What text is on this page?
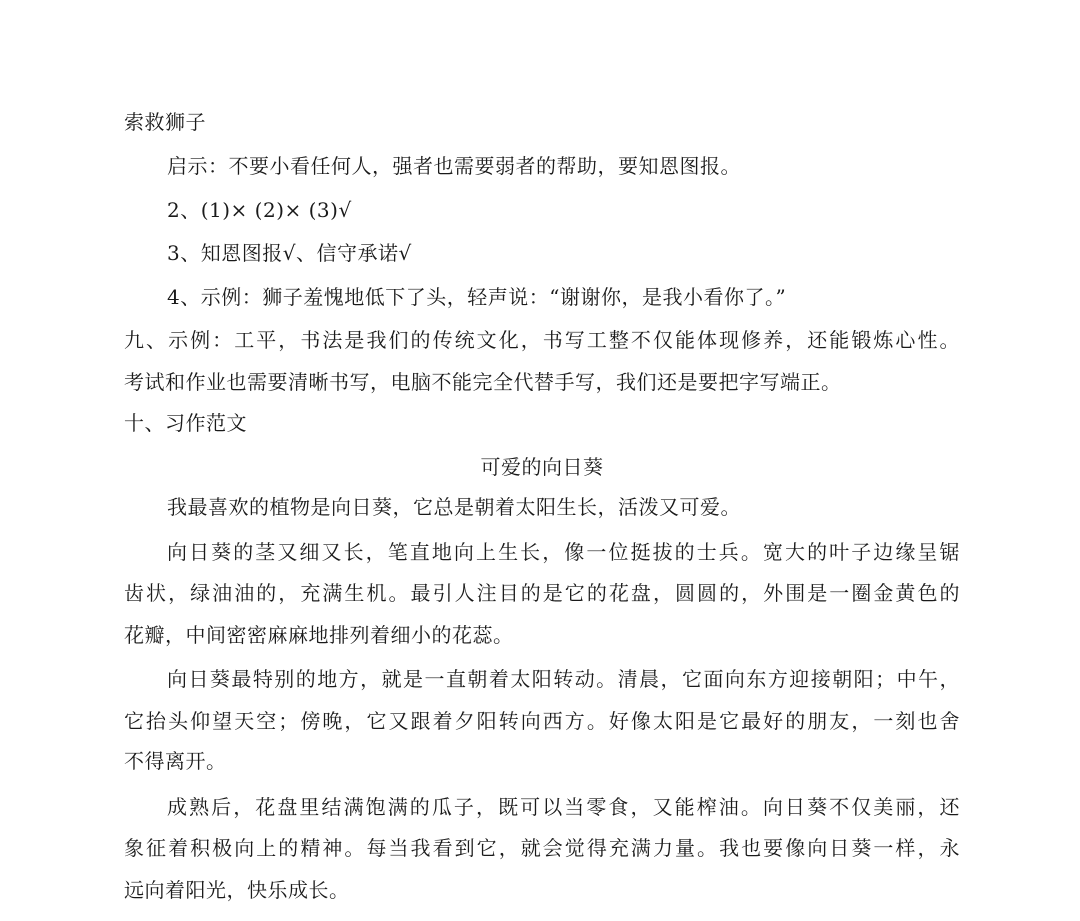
索救狮子
启示：不要小看任何人，强者也需要弱者的帮助，要知恩图报。
2、(1)× (2)× (3)√
3、知恩图报√、信守承诺√
4、示例：狮子羞愧地低下了头，轻声说：“谢谢你，是我小看你了。”
九、示例：工平，书法是我们的传统文化，书写工整不仅能体现修养，还能锻炼心性。
考试和作业也需要清晰书写，电脑不能完全代替手写，我们还是要把字写端正。
十、习作范文
可爱的向日葵
我最喜欢的植物是向日葵，它总是朝着太阳生长，活泼又可爱。
向日葵的茎又细又长，笔直地向上生长，像一位挺拔的士兵。宽大的叶子边缘呈锯
齿状，绿油油的，充满生机。最引人注目的是它的花盘，圆圆的，外围是一圈金黄色的
花瓣，中间密密麻麻地排列着细小的花蕊。
向日葵最特别的地方，就是一直朝着太阳转动。清晨，它面向东方迎接朝阳；中午，
它抬头仰望天空；傍晚，它又跟着夕阳转向西方。好像太阳是它最好的朋友，一刻也舍
不得离开。
成熟后，花盘里结满饱满的瓜子，既可以当零食，又能榨油。向日葵不仅美丽，还
象征着积极向上的精神。每当我看到它，就会觉得充满力量。我也要像向日葵一样，永
远向着阳光，快乐成长。
